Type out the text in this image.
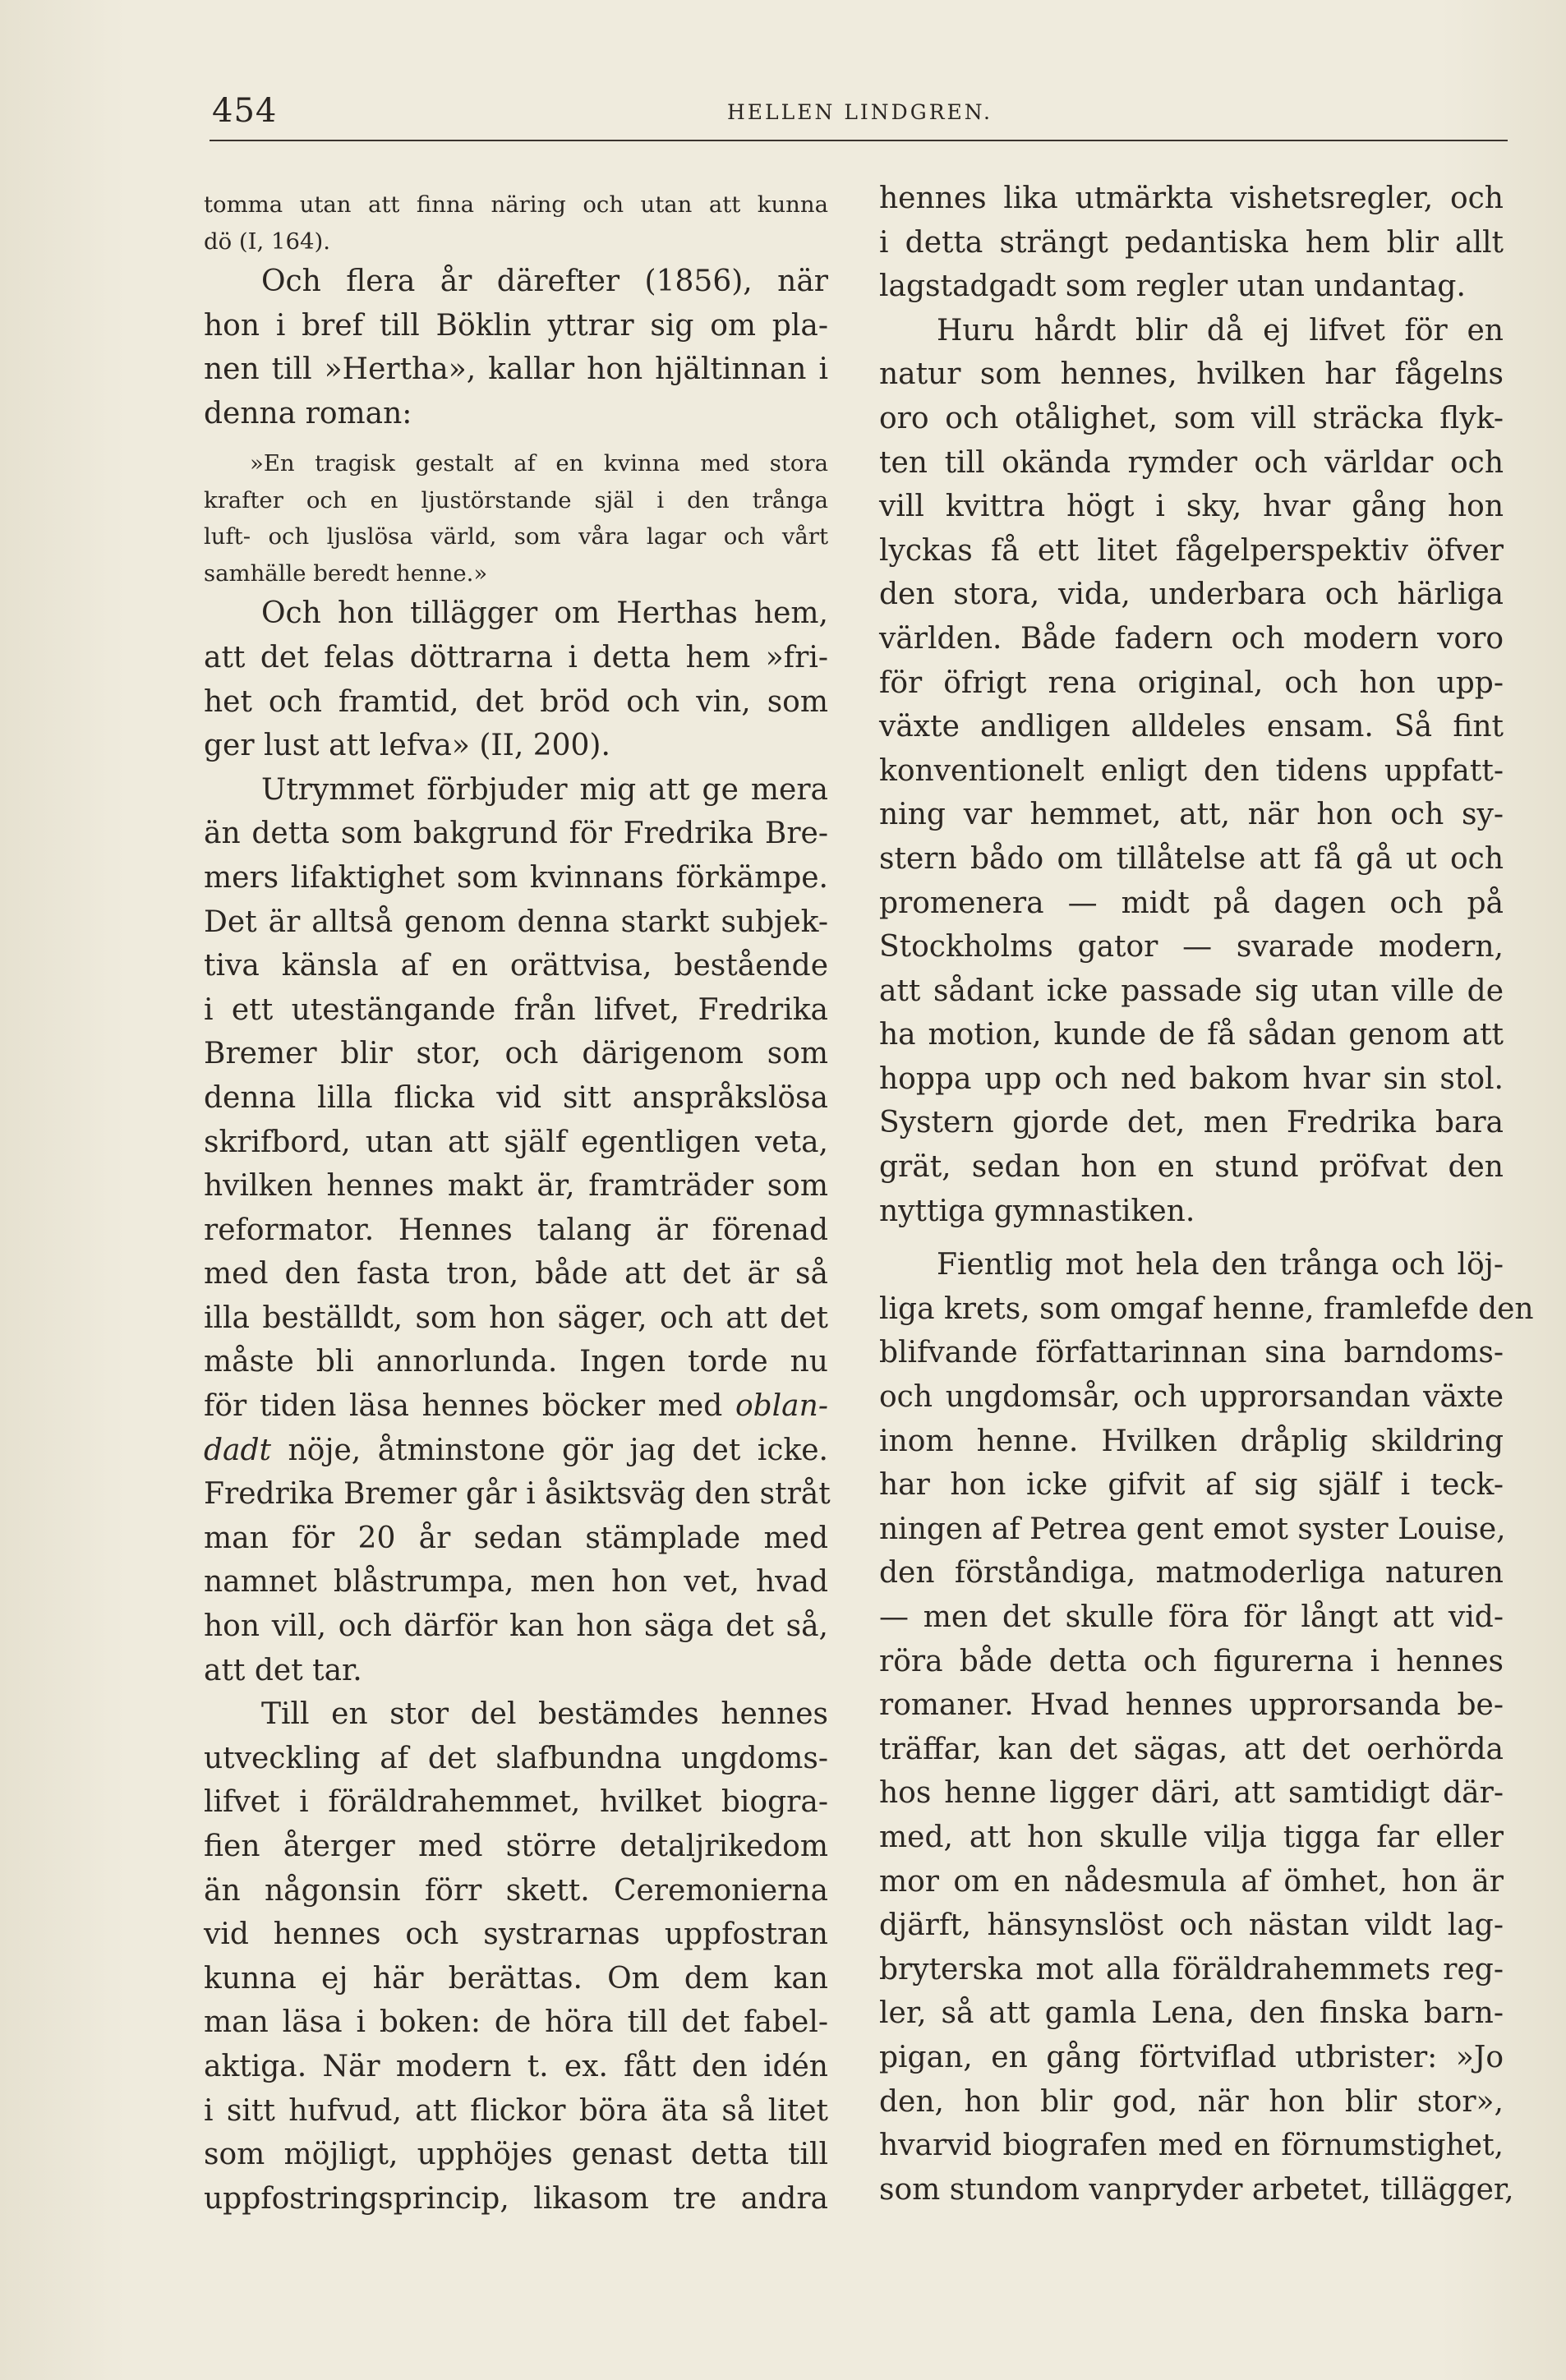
454	HELLEN LINDGREN.
tomma utan att finna näring och utan att kunna
dö (I, 164).
Och flera år därefter (1856), när
hon i bref till Böklin yttrar sig om pla-
nen till »Hertha», kallar hon hjältinnan i
denna roman:
»En tragisk gestalt af en kvinna med stora
krafter och en ljustörstande själ i den trånga
luft- och ljuslösa värld, som våra lagar och vårt
samhälle beredt henne.»
Och hon tillägger om Herthas hem,
att det felas döttrarna i detta hem »fri-
het och framtid, det bröd och vin, som
ger lust att lefva» (II, 200).
Utrymmet förbjuder mig att ge mera
än detta som bakgrund för Fredrika Bre-
mers lifaktighet som kvinnans förkämpe.
Det är alltså genom denna starkt subjek-
tiva känsla af en orättvisa, bestående
i ett utestängande från lifvet, Fredrika
Bremer blir stor, och därigenom som
denna lilla flicka vid sitt anspråkslösa
skrifbord, utan att själf egentligen veta,
hvilken hennes makt är, framträder som
reformator. Hennes talang är förenad
med den fasta tron, både att det är så
illa beställdt, som hon säger, och att det
måste bli annorlunda. Ingen torde nu
för tiden läsa hennes böcker med oblan-
dadt nöje, åtminstone gör jag det icke.
Fredrika Bremer går i åsiktsväg den stråt
man för 20 år sedan stämplade med
namnet blåstrumpa, men hon vet, hvad
hon vill, och därför kan hon säga det så,
att det tar.
Till en stor del bestämdes hennes
utveckling af det slafbundna ungdoms-
lifvet i föräldrahemmet, hvilket biogra-
fien återger med större detaljrikedom
än någonsin förr skett. Ceremonierna
vid hennes och systrarnas uppfostran
kunna ej här berättas. Om dem kan
man läsa i boken: de höra till det fabel-
aktiga. När modern t. ex. fått den idén
i sitt hufvud, att flickor böra äta så litet
som möjligt, upphöjes genast detta till
uppfostringsprincip, likasom tre andra
hennes lika utmärkta vishetsregler, och
i detta strängt pedantiska hem blir allt
lagstadgadt som regler utan undantag.
Huru hårdt blir då ej lifvet för en
natur som hennes, hvilken har fågelns
oro och otålighet, som vill sträcka flyk-
ten till okända rymder och världar och
vill kvittra högt i sky, hvar gång hon
lyckas få ett litet fågelperspektiv öfver
den stora, vida, underbara och härliga
världen. Både fadern och modern voro
för öfrigt rena original, och hon upp-
växte andligen alldeles ensam. Så fint
konventionelt enligt den tidens uppfatt-
ning var hemmet, att, när hon och sy-
stern bådo om tillåtelse att få gå ut och
promenera — midt på dagen och på
Stockholms gator — svarade modern,
att sådant icke passade sig utan ville de
ha motion, kunde de få sådan genom att
hoppa upp och ned bakom hvar sin stol.
Systern gjorde det, men Fredrika bara
grät, sedan hon en stund pröfvat den
nyttiga gymnastiken.
Fientlig mot hela den trånga och löj-
liga krets, som omgaf henne, framlefde den
blifvande författarinnan sina barndoms-
och ungdomsår, och upprorsandan växte
inom henne. Hvilken dråplig skildring
har hon icke gifvit af sig själf i teck-
ningen af Petrea gent emot syster Louise,
den förståndiga, matmoderliga naturen
— men det skulle föra för långt att vid-
röra både detta och figurerna i hennes
romaner. Hvad hennes upprorsanda be-
träffar, kan det sägas, att det oerhörda
hos henne ligger däri, att samtidigt där-
med, att hon skulle vilja tigga far eller
mor om en nådesmula af ömhet, hon är
djärft, hänsynslöst och nästan vildt lag-
bryterska mot alla föräldrahemmets reg-
ler, så att gamla Lena, den finska barn-
pigan, en gång förtviflad utbrister: »Jo
den, hon blir god, när hon blir stor»,
hvarvid biografen med en förnumstighet,
som stundom vanpryder arbetet, tillägger,
